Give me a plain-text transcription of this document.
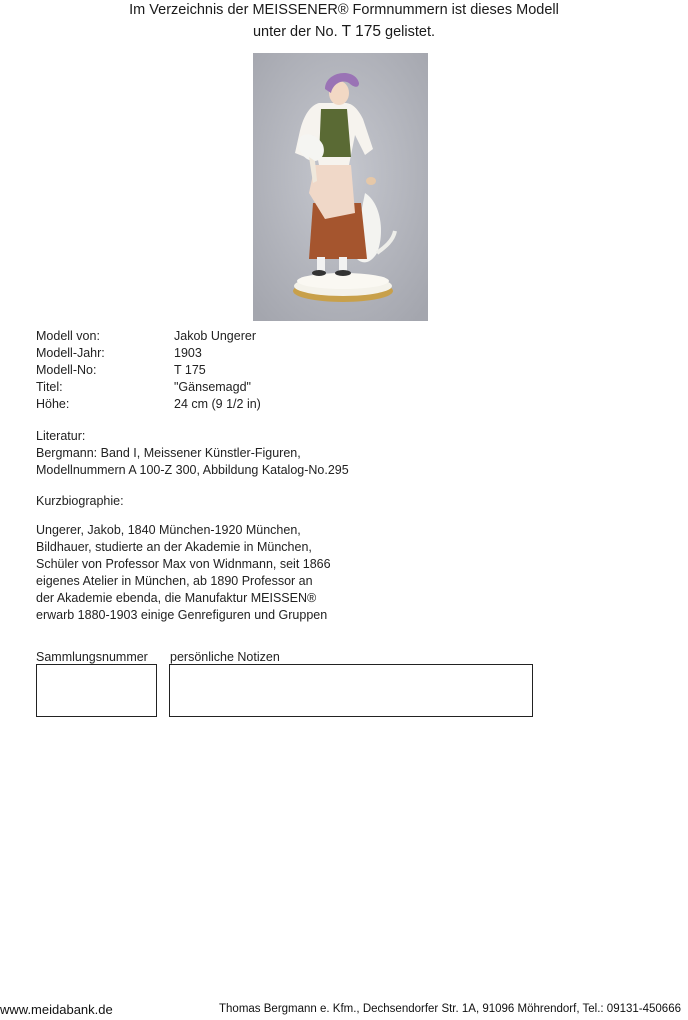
Im Verzeichnis der MEISSENER® Formnummern ist dieses Modell
unter der No. T 175 gelistet.
Modell von:	Jakob Ungerer
Modell-Jahr:	1903
Modell-No:	T 175
Titel:	"Gänsemagd"
Höhe:	24 cm (9 1/2 in)
Literatur:
Bergmann: Band I, Meissener Künstler-Figuren,
Modellnummern A 100-Z 300, Abbildung Katalog-No.295
Kurzbiographie:
Ungerer, Jakob, 1840 München-1920 München,
Bildhauer, studierte an der Akademie in München,
Schüler von Professor Max von Widnmann, seit 1866
eigenes Atelier in München, ab 1890 Professor an
der Akademie ebenda, die Manufaktur MEISSEN®
erwarb 1880-1903 einige Genrefiguren und Gruppen
Sammlungsnummer persönliche Notizen
www.meidabank.de	Thomas Bergmann e. Kfm., Dechsendorfer Str. 1A, 91096 Möhrendorf, Tel.: 09131-450666
